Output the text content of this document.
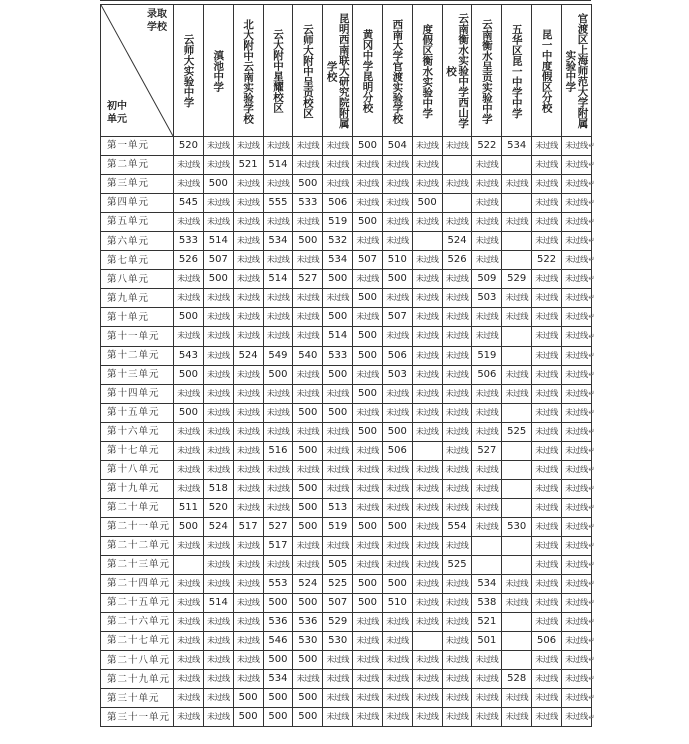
录取
学校
初中
单元	云师大实验中学	滇池中学	北大附中云南实验学校	云大附中星耀校区	云师大附中呈贡校区	昆明西南联大研究院附属学校	黄冈中学昆明分校	西南大学官渡实验学校	度假区衡水实验中学	云南衡水实验中学西山学校	云南衡水呈贡实验中学	五华区昆一中学中学	昆一中度假区分校	官渡区上海师范大学附属实验中学
第一单元	520	未过线	未过线	未过线	未过线	未过线	500	504	未过线	未过线	522	534	未过线	未过线
第二单元	未过线	未过线	521	514	未过线	未过线	未过线	未过线	未过线		未过线		未过线	未过线
第三单元	未过线	500	未过线	未过线	500	未过线	未过线	未过线	未过线	未过线	未过线	未过线	未过线	未过线
第四单元	545	未过线	未过线	555	533	506	未过线	未过线	500		未过线		未过线	未过线
第五单元	未过线	未过线	未过线	未过线	未过线	519	500	未过线	未过线	未过线	未过线	未过线	未过线	未过线
第六单元	533	514	未过线	534	500	532	未过线	未过线		524	未过线		未过线	未过线
第七单元	526	507	未过线	未过线	未过线	534	507	510	未过线	526	未过线		522	未过线
第八单元	未过线	500	未过线	514	527	500	未过线	500	未过线	未过线	509	529	未过线	未过线
第九单元	未过线	未过线	未过线	未过线	未过线	未过线	500	未过线	未过线	未过线	503	未过线	未过线	未过线
第十单元	500	未过线	未过线	未过线	未过线	500	未过线	507	未过线	未过线	未过线	未过线	未过线	未过线
第十一单元	未过线	未过线	未过线	未过线	未过线	514	500	未过线	未过线	未过线	未过线		未过线	未过线
第十二单元	543	未过线	524	549	540	533	500	506	未过线	未过线	519		未过线	未过线
第十三单元	500	未过线	未过线	500	未过线	500	未过线	503	未过线	未过线	506	未过线	未过线	未过线
第十四单元	未过线	未过线	未过线	未过线	未过线	未过线	500	未过线	未过线	未过线	未过线	未过线	未过线	未过线
第十五单元	500	未过线	未过线	未过线	500	500	未过线	未过线	未过线	未过线	未过线		未过线	未过线
第十六单元	未过线	未过线	未过线	未过线	未过线	未过线	500	500	未过线	未过线	未过线	525	未过线	未过线
第十七单元	未过线	未过线	未过线	516	500	未过线	未过线	506		未过线	527		未过线	未过线
第十八单元	未过线	未过线	未过线	未过线	未过线	未过线	未过线	未过线	未过线	未过线	未过线		未过线	未过线
第十九单元	未过线	518	未过线	未过线	500	未过线	未过线	未过线	未过线	未过线	未过线		未过线	未过线
第二十单元	511	520	未过线	未过线	500	513	未过线	未过线	未过线	未过线	未过线		未过线	未过线
第二十一单元	500	524	517	527	500	519	500	500	未过线	554	未过线	530	未过线	未过线
第二十二单元	未过线	未过线	未过线	517	未过线	未过线	未过线	未过线	未过线	未过线			未过线	未过线
第二十三单元		未过线	未过线	未过线	未过线	505	未过线	未过线	未过线	525			未过线	未过线
第二十四单元	未过线	未过线	未过线	553	524	525	500	500	未过线	未过线	534	未过线	未过线	未过线
第二十五单元	未过线	514	未过线	500	500	507	500	510	未过线	未过线	538	未过线	未过线	未过线
第二十六单元	未过线	未过线	未过线	536	536	529	未过线	未过线	未过线	未过线	521		未过线	未过线
第二十七单元	未过线	未过线	未过线	546	530	530	未过线	未过线		未过线	501		506	未过线
第二十八单元	未过线	未过线	未过线	500	500	未过线	未过线	未过线	未过线	未过线	未过线		未过线	未过线
第二十九单元	未过线	未过线	未过线	534	未过线	未过线	未过线	未过线	未过线	未过线	未过线	528	未过线	未过线
第三十单元	未过线	未过线	500	500	500	未过线	未过线	未过线	未过线	未过线	未过线	未过线	未过线	未过线
第三十一单元	未过线	未过线	500	500	500	未过线	未过线	未过线	未过线	未过线	未过线	未过线	未过线	未过线
↵
↵
↵
↵
↵
↵
↵
↵
↵
↵
↵
↵
↵
↵
↵
↵
↵
↵
↵
↵
↵
↵
↵
↵
↵
↵
↵
↵
↵
↵
↵
